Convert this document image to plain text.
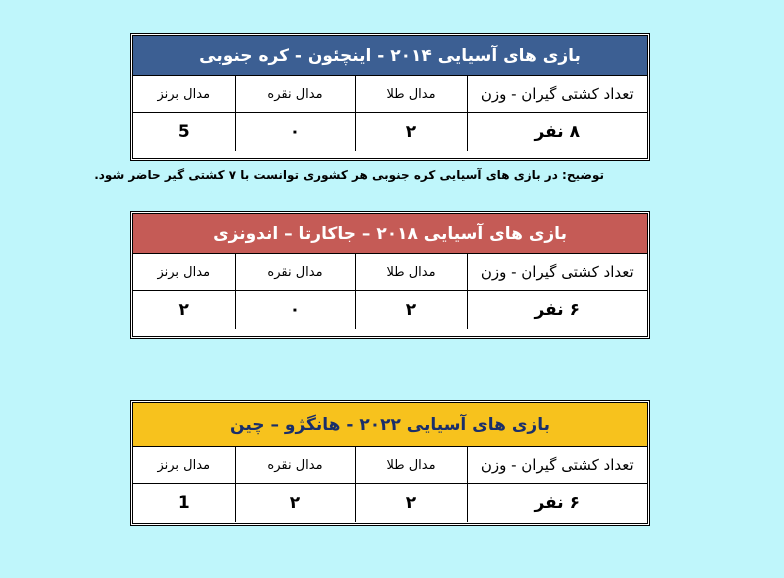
بازی های آسیایی ۲۰۱۴ - اینچئون - کره جنوبی
تعداد کشتی گیران - وزن	مدال طلا	مدال نقره	مدال برنز
۸ نفر	۲	۰	5
توضیح: در بازی های آسیایی کره جنوبی هر کشوری توانست با ۷ کشتی گیر حاضر شود.
بازی های آسیایی ۲۰۱۸ – جاکارتا – اندونزی
تعداد کشتی گیران - وزن	مدال طلا	مدال نقره	مدال برنز
۶ نفر	۲	۰	۲
بازی های آسیایی ۲۰۲۲ - هانگژو – چین
تعداد کشتی گیران - وزن	مدال طلا	مدال نقره	مدال برنز
۶ نفر	۲	۲	1
